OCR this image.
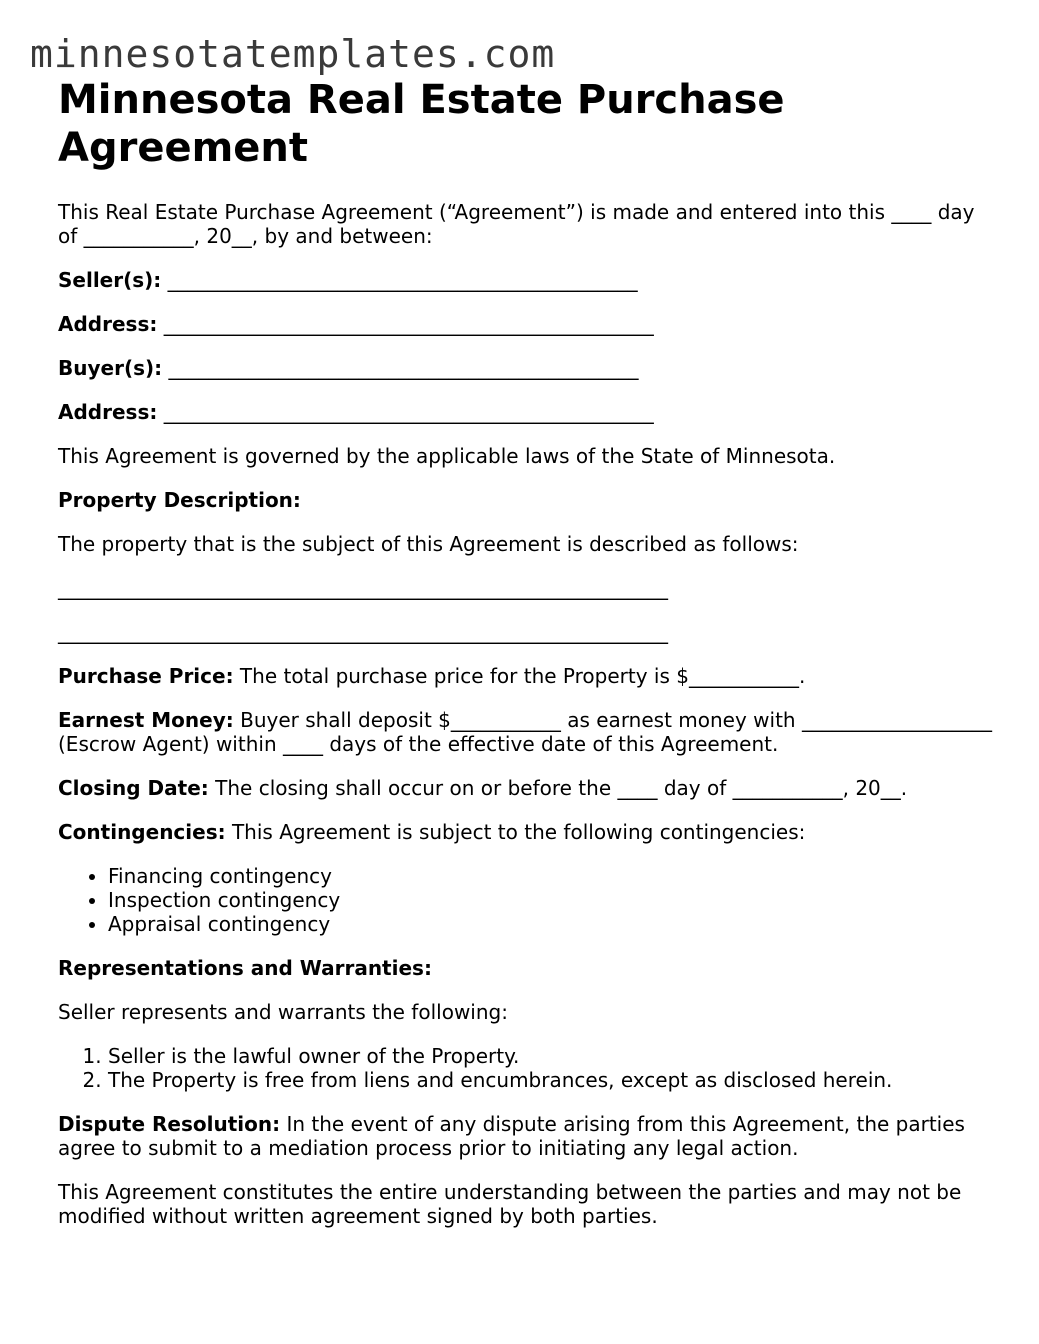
minnesotatemplates.com
Minnesota Real Estate Purchase Agreement

This Real Estate Purchase Agreement (“Agreement”) is made and entered into this ____ day of ___________, 20__, by and between:

Seller(s): _______________________________________________

Address: _________________________________________________

Buyer(s): _______________________________________________

Address: _________________________________________________

This Agreement is governed by the applicable laws of the State of Minnesota.

Property Description:

The property that is the subject of this Agreement is described as follows:

_____________________________________________________________

_____________________________________________________________

Purchase Price: The total purchase price for the Property is $___________.

Earnest Money: Buyer shall deposit $___________ as earnest money with ___________________ (Escrow Agent) within ____ days of the effective date of this Agreement.

Closing Date: The closing shall occur on or before the ____ day of ___________, 20__.

Contingencies: This Agreement is subject to the following contingencies:

• Financing contingency
• Inspection contingency
• Appraisal contingency

Representations and Warranties:

Seller represents and warrants the following:

1. Seller is the lawful owner of the Property.
2. The Property is free from liens and encumbrances, except as disclosed herein.

Dispute Resolution: In the event of any dispute arising from this Agreement, the parties agree to submit to a mediation process prior to initiating any legal action.

This Agreement constitutes the entire understanding between the parties and may not be modified without written agreement signed by both parties.
